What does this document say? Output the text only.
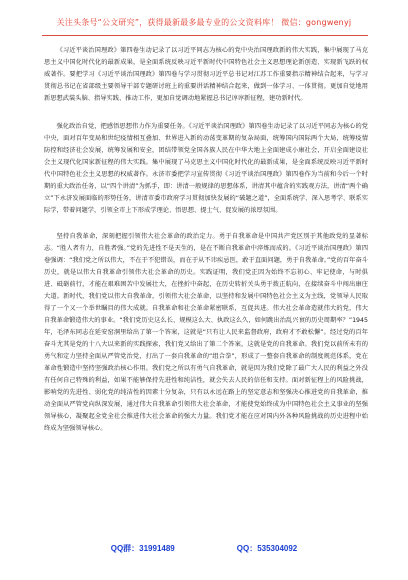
关注头条号“公文研究”，获得最新最多最专业的公文资料库！ 微信：gongwenyj

《习近平谈治国理政》第四卷生动记录了以习近平同志为核心的党中央治国理政新的伟大实践，集中展现了马克思主义中国化时代化的最新成果，是全面系统反映习近平新时代中国特色社会主义思想理论新创造、实现新飞跃的权威著作。要把学习《习近平谈治国理政》第四卷与学习贯彻习近平总书记对江苏工作重要指示精神结合起来，与学习贯彻总书记在省部级主要领导干部专题研讨班上的重要讲话精神结合起来，做到一体学习、一体贯彻。更加自觉地用新思想武装头脑、指导实践、推动工作，更加自觉调动地紧握总书记谆谆新征程，建功新时代。

强化政治自觉，把感悟思想伟力作为重要任务。《习近平谈治国理政》第四卷生动记录了以习近平同志为核心的党中央，面对百年变局和世纪疫情相互叠加、世界进入新的动荡变革期的复杂局面，统筹国内国际两个大局，统筹疫情防控和经济社会发展，统筹发展和安全，团结带领党全国各族人民在中华大地上全面建成小康社会，开启全面建设社会主义现代化国家新征程的伟大实践。集中展现了马克思主义中国化时代化的最新成果，是全面系统反映习近平新时代中国特色社会主义思想的权威著作。永济市委把学习宣传贯彻《习近平谈治国理政》第四卷作为当前和今后一个时期的重大政治任务，以“四个讲清”为抓手，即：讲清一般规律的思想体系，讲清其中蕴含的实践观方法，讲清“两个确立”下永济发展面临的形势任务，讲清市委市政府学习贯彻加快发展的“破题之道”，全面系统学、深入思考学、联系实际学，带着问题学，引领全市上下形成学理论、悟思想、提士气、促发展的浓厚氛围。

坚持自我革命，深刻把握引领伟大社会革命的政治定力。勇于自我革命是中国共产党区别于其他政党的显著标志。“胜人者有力，自胜者强。”党的先进性不是天生的，是在不断自我革命中淬炼而成的。《习近平谈治国理政》第四卷强调：“我们党之所以伟大，不在于不犯错误，而在于从不讳疾忌医，敢于直面问题，勇于自我革命。”党的百年奋斗历史，就是以伟大自我革命引领伟大社会革命的历史。实践证明，我们党正因为始终不忘初心、牢记使命，与时俱进、砥砺前行，才能在艰难困苦中发展壮大，在挫折中奋起，在历史转折关头勇于拨正航向，在接续奋斗中闯出康庄大道。新时代，我们党以伟大自我革命，引领伟大社会革命，以坚持和发展中国特色社会主义为主线，党领导人民取得了一个又一个举世瞩目的伟大成就。自我革命和社会革命紧密联系，互促共进。伟大社会革命造就伟大的党，伟大自我革命锻造伟大的事业。“我们党历史这么长、规模这么大、执政这么久，如何跳出治乱兴衰的历史周期率？”1945年，毛泽东同志在延安窑洞里给出了第一个答案，这就是“只有让人民来监督政府，政府才不敢松懈”。经过党的百年奋斗尤其是党的十八大以来新的实践探索，我们党又给出了第二个答案，这就是党的自我革命。我们党以前所未有的勇气和定力坚持全面从严管党治党，打出了一套自我革命的“组合拳”，形成了一整套自我革命的制度规范体系，党在革命性锻造中坚持坚强政治核心作用。我们党之所以有勇气自我革命，就是因为我们党除了最广大人民的利益之外没有任何自己特殊的利益，如果不能够保持先进性和纯洁性，就会失去人民的信任和支持。面对新征程上的风险挑战，影响党的先进性、弱化党的纯洁性的因素十分复杂，只有以永远在路上的坚定意志和坚强决心推进党的自我革命，推动全面从严管党向纵深发展，通过伟大自我革命引领伟大社会革命，才能使党始终成为中国特色社会主义事业的坚强领导核心，凝聚起全党全社会推进伟大社会革命的强大力量。我们党才能在应对国内外各种风险挑战的历史进程中始终成为坚强领导核心。

QQ群：31991489	QQ：535304092
